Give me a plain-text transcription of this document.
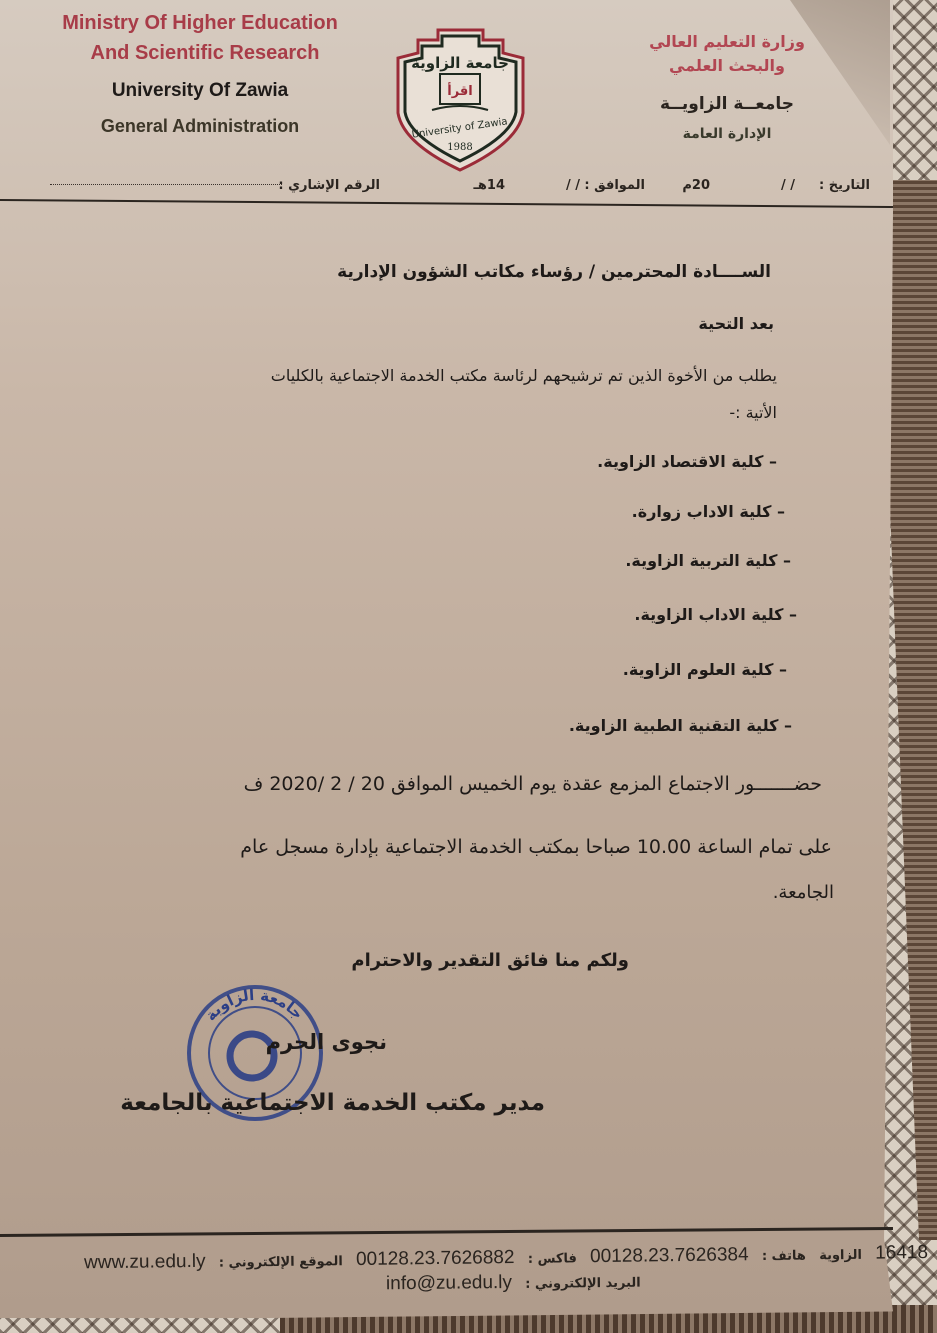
Ministry Of Higher Education
And Scientific Research
University Of Zawia
General Administration
جامعة الزاوية
اقرأ
University of Zawia
1988
وزارة التعليم العالي
والبحث العلمي
جامعــة الزاويــة
الإدارة العامة
التاريخ :
/ /
20م
الموافق :
/ /
14هـ
الرقم الإشاري :
الســــادة المحترمين / رؤساء مكاتب الشؤون الإدارية
بعد التحية
يطلب من الأخوة الذين تم ترشيحهم لرئاسة مكتب الخدمة الاجتماعية بالكليات
الأتية :-
– كلية الاقتصاد الزاوية.
– كلية الاداب زوارة.
– كلية التربية الزاوية.
– كلية الاداب الزاوية.
– كلية العلوم الزاوية.
– كلية التقنية الطبية الزاوية.
حضـــــــور الاجتماع المزمع عقدة يوم الخميس الموافق 20 / 2 /2020 ف
على تمام الساعة 10.00 صباحا بمكتب الخدمة الاجتماعية بإدارة مسجل عام
الجامعة.
ولكم منا فائق التقدير والاحترام
جامعة الزاوية
نجوى الحرم
مدير مكتب الخدمة الاجتماعية بالجامعة
16418 الزاوية هاتف : 00128.23.7626384 فاكس : 00128.23.7626882 الموقع الإلكتروني : www.zu.edu.ly
البريد الإلكتروني : info@zu.edu.ly
